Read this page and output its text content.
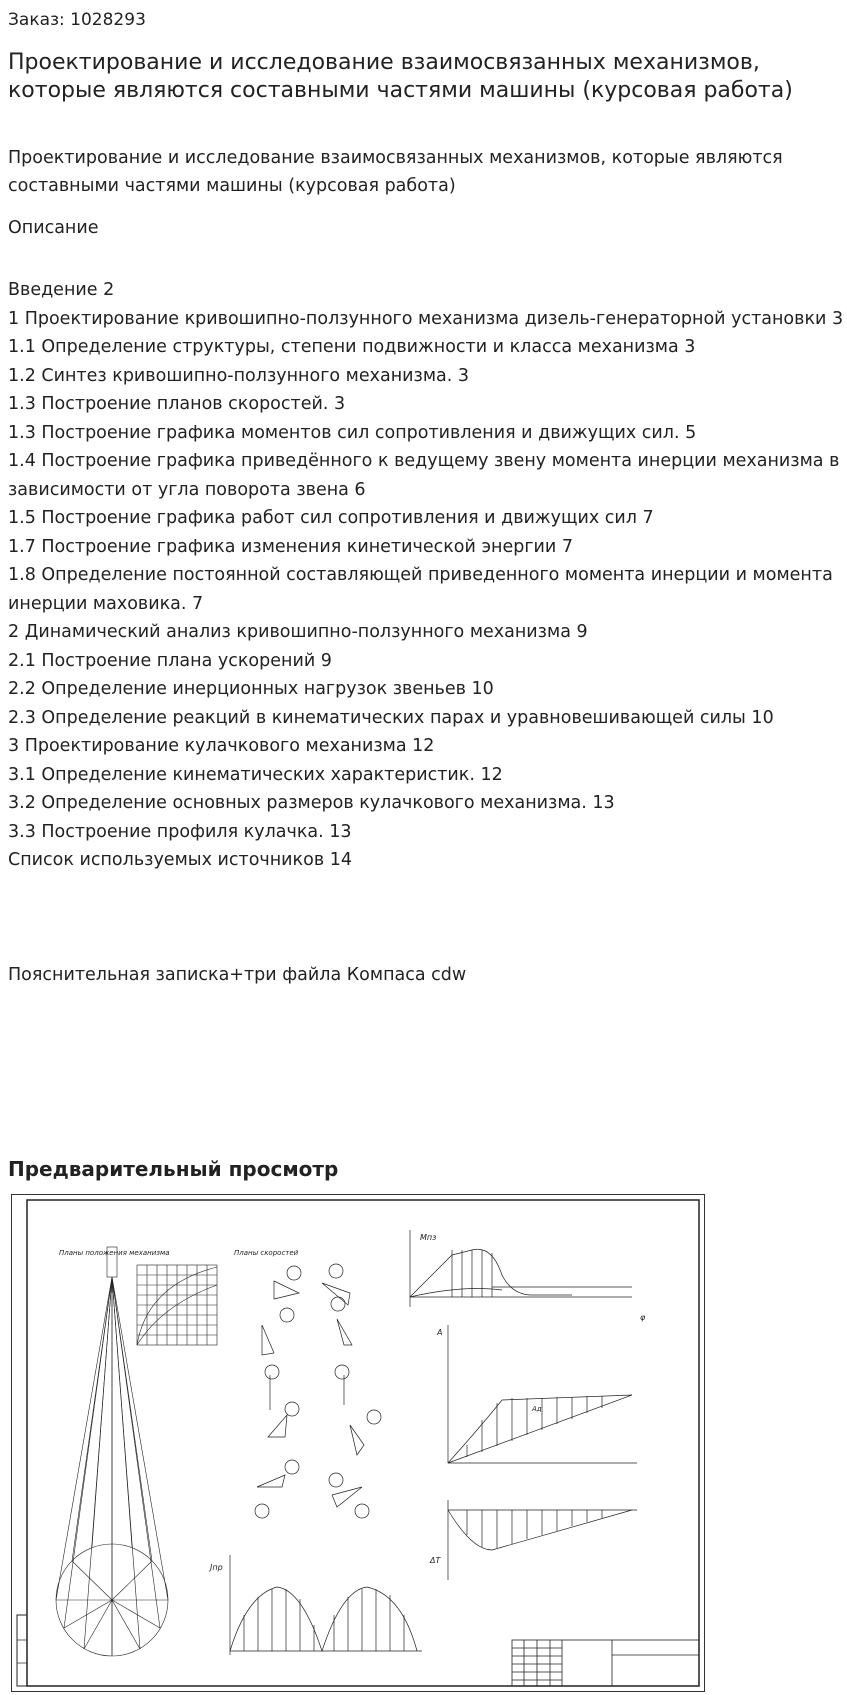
Заказ: 1028293
Проектирование и исследование взаимосвязанных механизмов, которые являются составными частями машины (курсовая работа)
Проектирование и исследование взаимосвязанных механизмов, которые являются составными частями машины (курсовая работа)
Описание
Введение 2
1 Проектирование кривошипно-ползунного механизма дизель-генераторной установки 3
1.1 Определение структуры, степени подвижности и класса механизма 3
1.2 Синтез кривошипно-ползунного механизма. 3
1.3 Построение планов скоростей. 3
1.3 Построение графика моментов сил сопротивления и движущих сил. 5
1.4 Построение графика приведённого к ведущему звену момента инерции механизма в
зависимости от угла поворота звена 6
1.5 Построение графика работ сил сопротивления и движущих сил 7
1.7 Построение графика изменения кинетической энергии 7
1.8 Определение постоянной составляющей приведенного момента инерции и момента инерции маховика. 7
2 Динамический анализ кривошипно-ползунного механизма 9
2.1 Построение плана ускорений 9
2.2 Определение инерционных нагрузок звеньев 10
2.3 Определение реакций в кинематических парах и уравновешивающей силы 10
3 Проектирование кулачкового механизма 12
3.1 Определение кинематических характеристик. 12
3.2 Определение основных размеров кулачкового механизма. 13
3.3 Построение профиля кулачка. 13
Список используемых источников 14
Пояснительная записка+три файла Компаса cdw
Предварительный просмотр
Планы положения механизма	Планы скоростей
Мпз
A
Ад
ΔT
Jпр
φ
